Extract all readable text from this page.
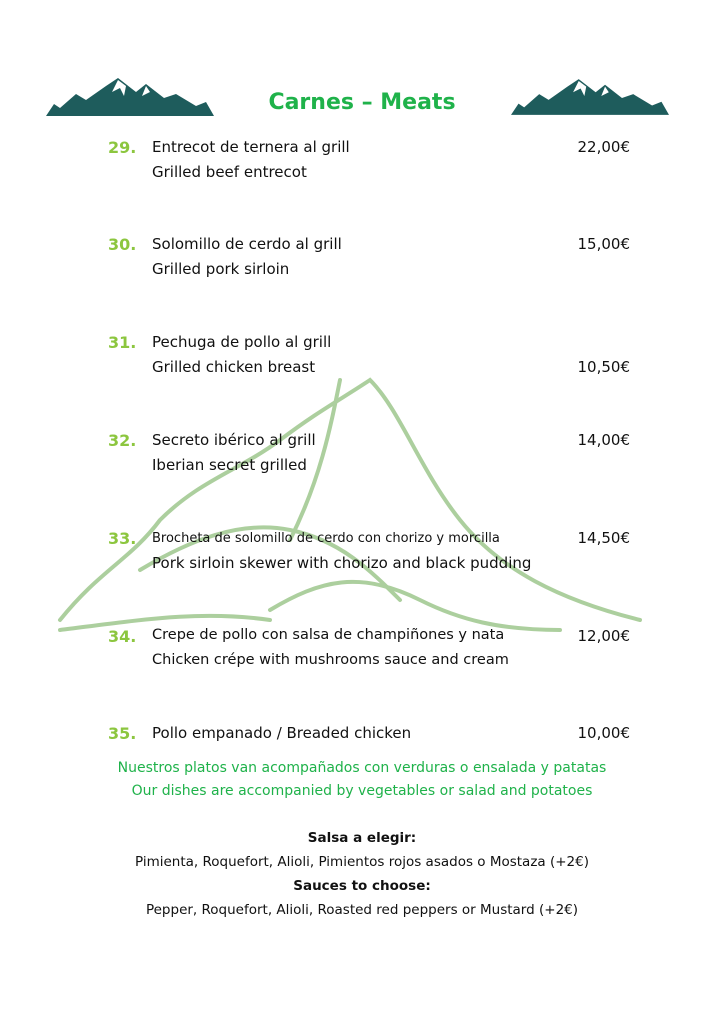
Carnes – Meats
29. Entrecot de ternera al grill	22,00€
Grilled beef entrecot
30. Solomillo de cerdo al grill	15,00€
Grilled pork sirloin
31. Pechuga de pollo al grill
Grilled chicken breast	10,50€
32. Secreto ibérico al grill	14,00€
Iberian secret grilled
33. Brocheta de solomillo de cerdo con chorizo y morcilla	14,50€
Pork sirloin skewer with chorizo and black pudding
34. Crepe de pollo con salsa de champiñones y nata	12,00€
Chicken crépe with mushrooms sauce and cream
35. Pollo empanado / Breaded chicken	10,00€
Nuestros platos van acompañados con verduras o ensalada y patatas
Our dishes are accompanied by vegetables or salad and potatoes
Salsa a elegir:
Pimienta, Roquefort, Alioli, Pimientos rojos asados o Mostaza (+2€)
Sauces to choose:
Pepper, Roquefort, Alioli, Roasted red peppers or Mustard (+2€)
